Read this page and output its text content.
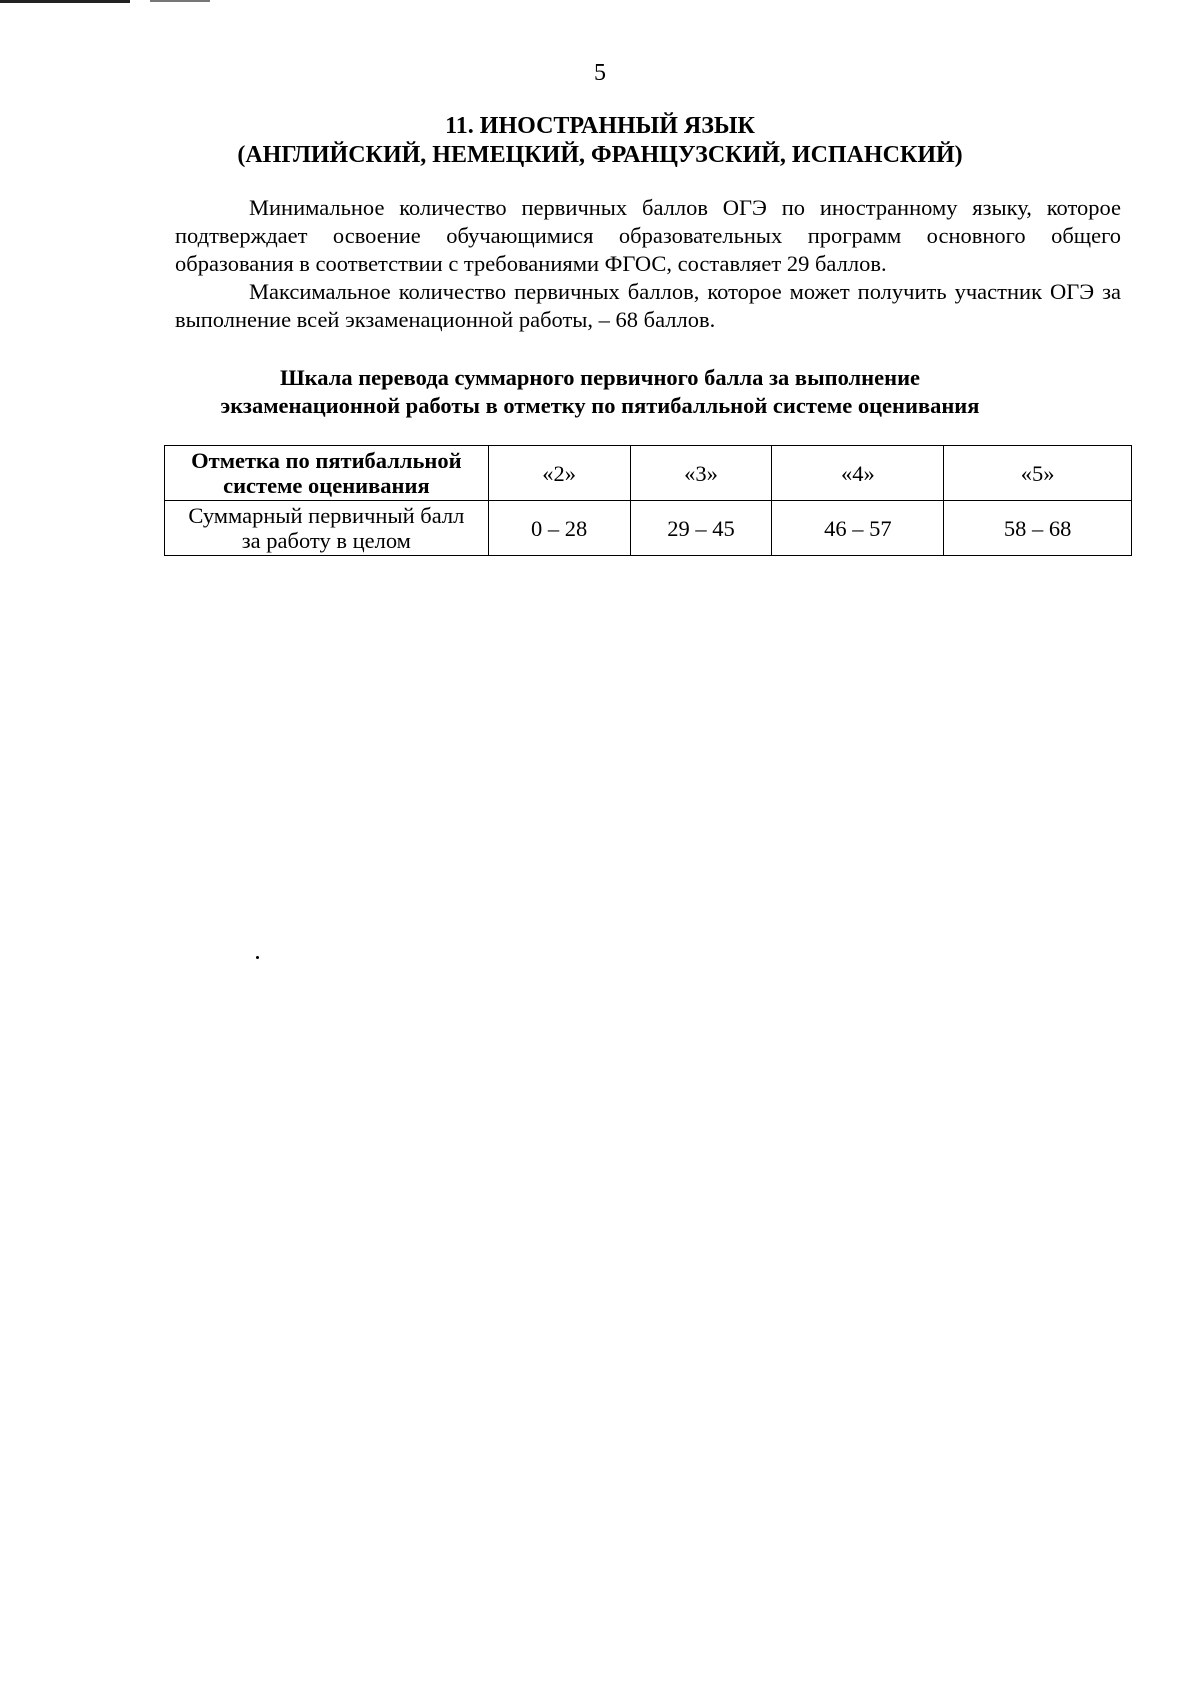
5
11. ИНОСТРАННЫЙ ЯЗЫК
(АНГЛИЙСКИЙ, НЕМЕЦКИЙ, ФРАНЦУЗСКИЙ, ИСПАНСКИЙ)

Минимальное количество первичных баллов ОГЭ по иностранному языку, которое подтверждает освоение обучающимися образовательных программ основного общего образования в соответствии с требованиями ФГОС, составляет 29 баллов.

Максимальное количество первичных баллов, которое может получить участник ОГЭ за выполнение всей экзаменационной работы, – 68 баллов.

Шкала перевода суммарного первичного балла за выполнение
экзаменационной работы в отметку по пятибалльной системе оценивания
Отметка по пятибалльной
системе оценивания	«2»	«3»	«4»	«5»

Суммарный первичный балл
за работу в целом	0 – 28	29 – 45	46 – 57	58 – 68
